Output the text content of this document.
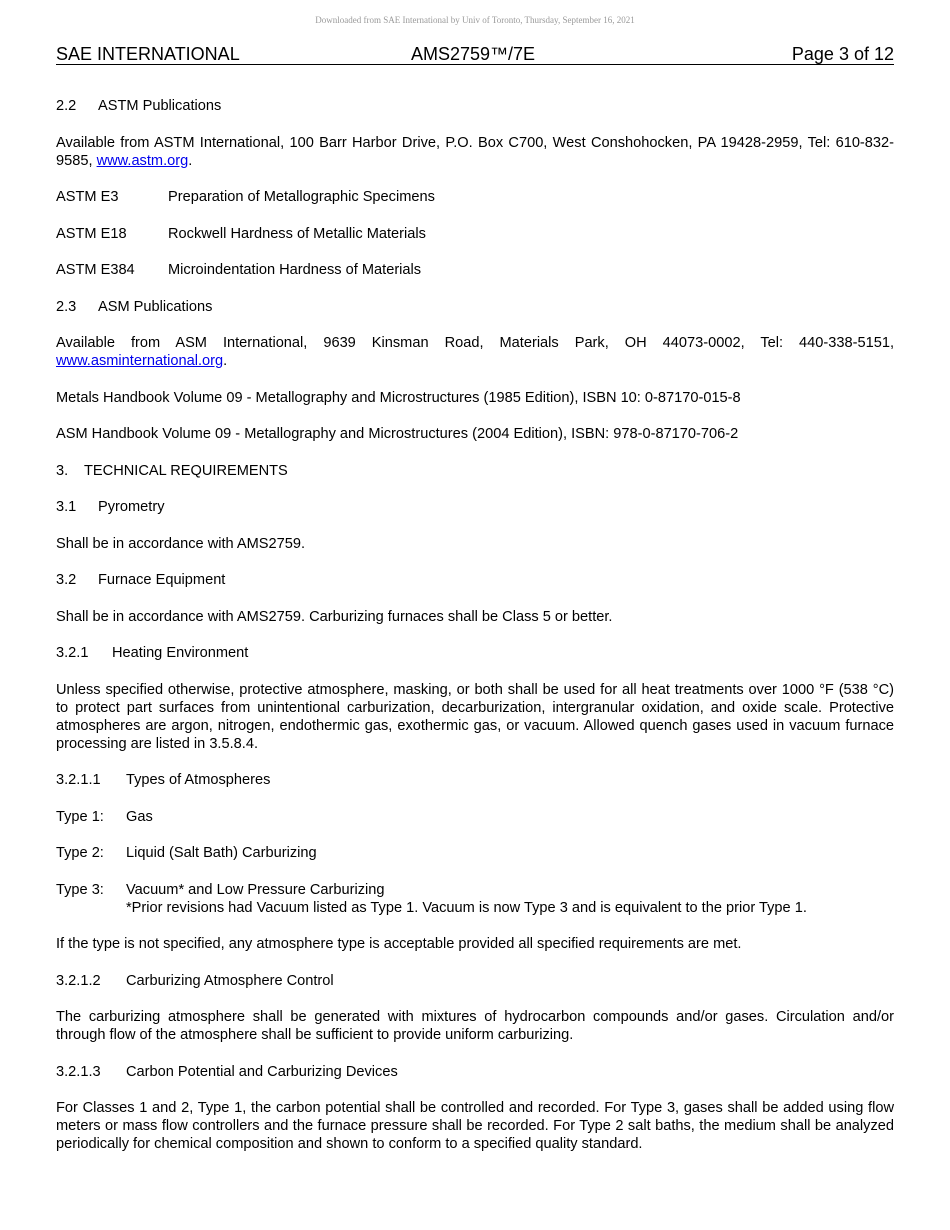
Downloaded from SAE International by Univ of Toronto, Thursday, September 16, 2021
SAE INTERNATIONAL	AMS2759™/7E	Page 3 of 12

2.2 ASTM Publications

Available from ASTM International, 100 Barr Harbor Drive, P.O. Box C700, West Conshohocken, PA 19428-2959, Tel: 610-832-9585, www.astm.org.

ASTM E3	Preparation of Metallographic Specimens

ASTM E18	Rockwell Hardness of Metallic Materials

ASTM E384 Microindentation Hardness of Materials

2.3 ASM Publications

Available from ASM International, 9639 Kinsman Road, Materials Park, OH 44073-0002, Tel: 440-338-5151, www.asminternational.org.

Metals Handbook Volume 09 - Metallography and Microstructures (1985 Edition), ISBN 10: 0-87170-015-8

ASM Handbook Volume 09 - Metallography and Microstructures (2004 Edition), ISBN: 978-0-87170-706-2

3. TECHNICAL REQUIREMENTS

3.1 Pyrometry

Shall be in accordance with AMS2759.

3.2 Furnace Equipment

Shall be in accordance with AMS2759. Carburizing furnaces shall be Class 5 or better.

3.2.1 Heating Environment

Unless specified otherwise, protective atmosphere, masking, or both shall be used for all heat treatments over 1000 °F (538 °C) to protect part surfaces from unintentional carburization, decarburization, intergranular oxidation, and oxide scale. Protective atmospheres are argon, nitrogen, endothermic gas, exothermic gas, or vacuum. Allowed quench gases used in vacuum furnace processing are listed in 3.5.8.4.

3.2.1.1 Types of Atmospheres

Type 1: Gas

Type 2: Liquid (Salt Bath) Carburizing

Type 3: Vacuum* and Low Pressure Carburizing

*Prior revisions had Vacuum listed as Type 1. Vacuum is now Type 3 and is equivalent to the prior Type 1.

If the type is not specified, any atmosphere type is acceptable provided all specified requirements are met.

3.2.1.2 Carburizing Atmosphere Control

The carburizing atmosphere shall be generated with mixtures of hydrocarbon compounds and/or gases. Circulation and/or through flow of the atmosphere shall be sufficient to provide uniform carburizing.

3.2.1.3 Carbon Potential and Carburizing Devices

For Classes 1 and 2, Type 1, the carbon potential shall be controlled and recorded. For Type 3, gases shall be added using flow meters or mass flow controllers and the furnace pressure shall be recorded. For Type 2 salt baths, the medium shall be analyzed periodically for chemical composition and shown to conform to a specified quality standard.
